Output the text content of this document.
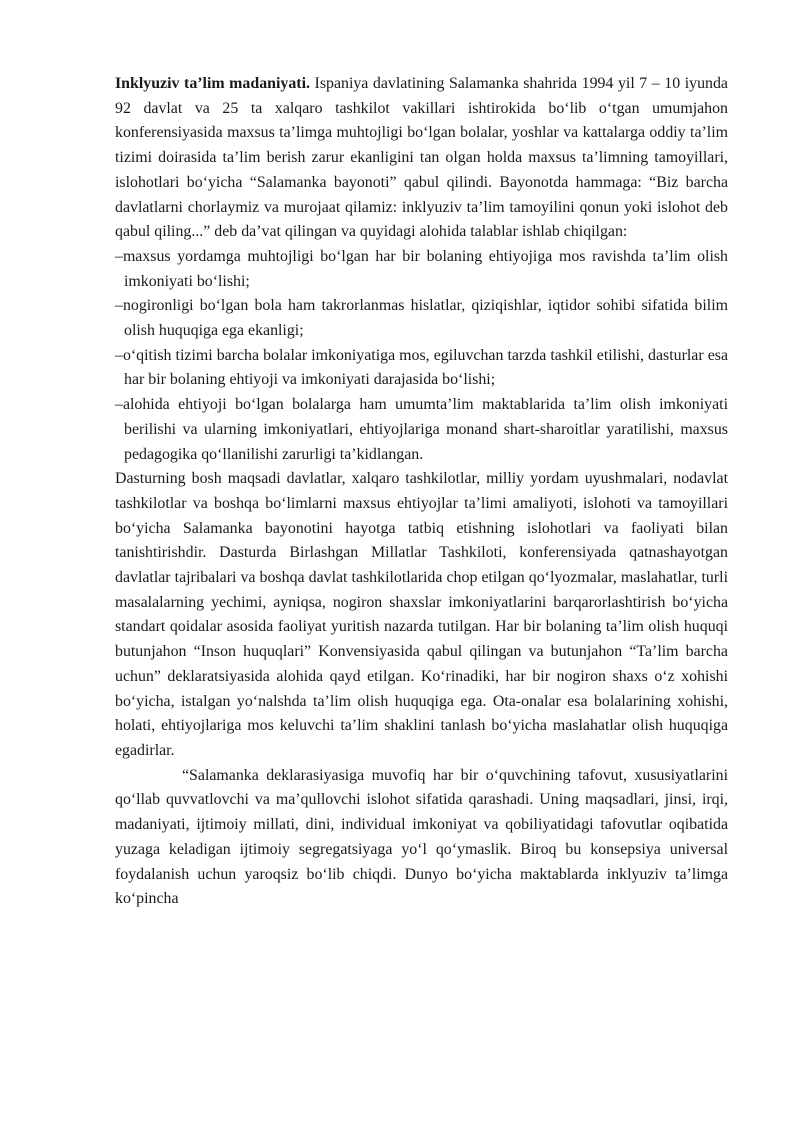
Inklyuziv ta’lim madaniyati. Ispaniya davlatining Salamanka shahrida 1994 yil 7 – 10 iyunda 92 davlat va 25 ta xalqaro tashkilot vakillari ishtirokida boʻlib oʻtgan umumjahon konferensiyasida maxsus ta’limga muhtojligi boʻlgan bolalar, yoshlar va kattalarga oddiy ta’lim tizimi doirasida ta’lim berish zarur ekanligini tan olgan holda maxsus ta’limning tamoyillari, islohotlari boʻyicha “Salamanka bayonoti” qabul qilindi. Bayonotda hammaga: “Biz barcha davlatlarni chorlaymiz va murojaat qilamiz: inklyuziv ta’lim tamoyilini qonun yoki islohot deb qabul qiling...” deb da’vat qilingan va quyidagi alohida talablar ishlab chiqilgan:

–maxsus yordamga muhtojligi boʻlgan har bir bolaning ehtiyojiga mos ravishda ta’lim olish imkoniyati boʻlishi;
–nogironligi boʻlgan bola ham takrorlanmas hislatlar, qiziqishlar, iqtidor sohibi sifatida bilim olish huquqiga ega ekanligi;
–oʻqitish tizimi barcha bolalar imkoniyatiga mos, egiluvchan tarzda tashkil etilishi, dasturlar esa har bir bolaning ehtiyoji va imkoniyati darajasida boʻlishi;
–alohida ehtiyoji boʻlgan bolalarga ham umumta’lim maktablarida ta’lim olish imkoniyati berilishi va ularning imkoniyatlari, ehtiyojlariga monand shart-sharoitlar yaratilishi, maxsus pedagogika qoʻllanilishi zarurligi ta’kidlangan.

Dasturning bosh maqsadi davlatlar, xalqaro tashkilotlar, milliy yordam uyushmalari, nodavlat tashkilotlar va boshqa boʻlimlarni maxsus ehtiyojlar ta’limi amaliyoti, islohoti va tamoyillari boʻyicha Salamanka bayonotini hayotga tatbiq etishning islohotlari va faoliyati bilan tanishtirishdir. Dasturda Birlashgan Millatlar Tashkiloti, konferensiyada qatnashayotgan davlatlar tajribalari va boshqa davlat tashkilotlarida chop etilgan qoʻlyozmalar, maslahatlar, turli masalalarning yechimi, ayniqsa, nogiron shaxslar imkoniyatlarini barqarorlashtirish boʻyicha standart qoidalar asosida faoliyat yuritish nazarda tutilgan. Har bir bolaning ta’lim olish huquqi butunjahon “Inson huquqlari” Konvensiyasida qabul qilingan va butunjahon “Ta’lim barcha uchun” deklaratsiyasida alohida qayd etilgan. Koʻrinadiki, har bir nogiron shaxs oʻz xohishi boʻyicha, istalgan yoʻnalshda ta’lim olish huquqiga ega. Ota-onalar esa bolalarining xohishi, holati, ehtiyojlariga mos keluvchi ta’lim shaklini tanlash boʻyicha maslahatlar olish huquqiga egadirlar.

“Salamanka deklarasiyasiga muvofiq har bir oʻquvchining tafovut, xususiyatlarini qoʻllab quvvatlovchi va ma’qullovchi islohot sifatida qarashadi. Uning maqsadlari, jinsi, irqi, madaniyati, ijtimoiy millati, dini, individual imkoniyat va qobiliyatidagi tafovutlar oqibatida yuzaga keladigan ijtimoiy segregatsiyaga yoʻl qoʻymaslik. Biroq bu konsepsiya universal foydalanish uchun yaroqsiz boʻlib chiqdi. Dunyo boʻyicha maktablarda inklyuziv ta’limga koʻpincha
